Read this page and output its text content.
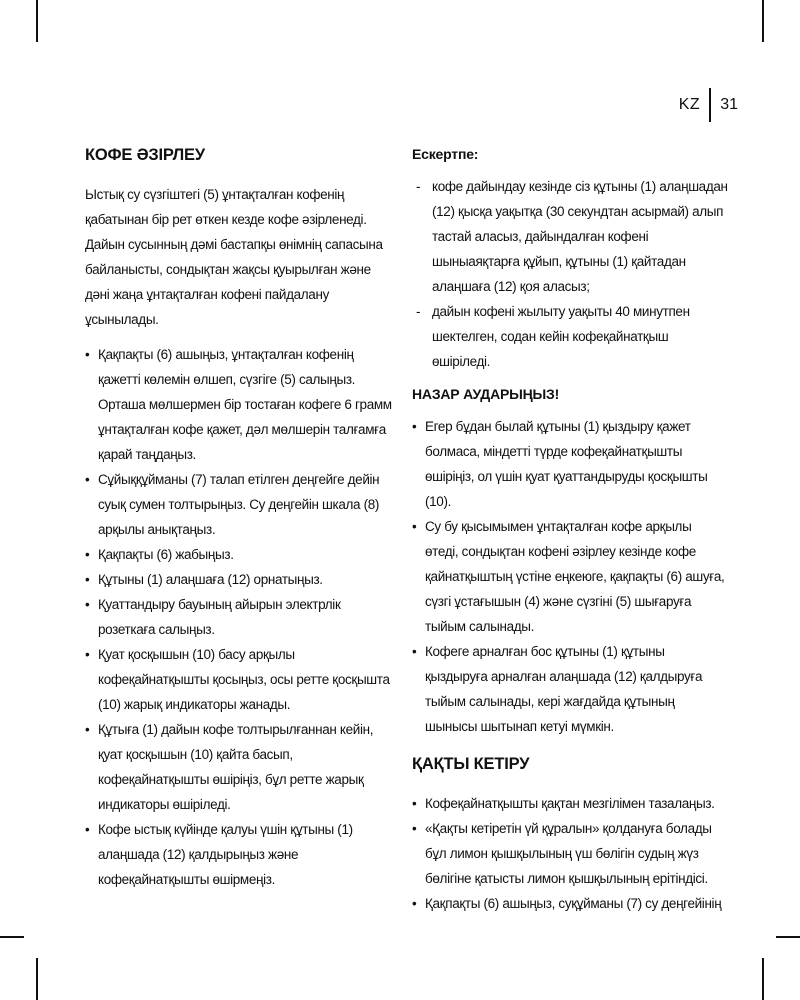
KZ 31
КОФЕ ӘЗІРЛЕУ

Ыстық су сүзгіштегі (5) ұнтақталған кофенің қабатынан бір рет өткен кезде кофе әзірленеді. Дайын сусынның дәмі бастапқы өнімнің сапасына байланысты, сондықтан жақсы қуырылған және дәні жаңа ұнтақталған кофені пайдалану ұсынылады.

• Қақпақты (6) ашыңыз, ұнтақталған кофенің қажетті көлемін өлшеп, сүзгіге (5) салыңыз. Орташа мөлшермен бір тостаған кофеге 6 грамм ұнтақталған кофе қажет, дәл мөлшерін талғамға қарай таңдаңыз.
• Сұйыққұйманы (7) талап етілген деңгейге дейін суық сумен толтырыңыз. Су деңгейін шкала (8) арқылы анықтаңыз.
• Қақпақты (6) жабыңыз.
• Құтыны (1) алаңшаға (12) орнатыңыз.
• Қуаттандыру бауының айырын электрлік розеткаға салыңыз.
• Қуат қосқышын (10) басу арқылы кофеқайнатқышты қосыңыз, осы ретте қосқышта (10) жарық индикаторы жанады.
• Құтыға (1) дайын кофе толтырылғаннан кейін, қуат қосқышын (10) қайта басып, кофеқайнатқышты өшіріңіз, бұл ретте жарық индикаторы өшіріледі.
• Кофе ыстық күйінде қалуы үшін құтыны (1) алаңшада (12) қалдырыңыз және кофеқайнатқышты өшірмеңіз.
Ескертпе:
- кофе дайындау кезінде сіз құтыны (1) алаңшадан (12) қысқа уақытқа (30 секундтан асырмай) алып тастай аласыз, дайындалған кофені шыныаяқтарға құйып, құтыны (1) қайтадан алаңшаға (12) қоя аласыз;
- дайын кофені жылыту уақыты 40 минутпен шектелген, содан кейін кофеқайнатқыш өшіріледі.
НАЗАР АУДАРЫҢЫЗ!
• Егер бұдан былай құтыны (1) қыздыру қажет болмаса, міндетті түрде кофеқайнатқышты өшіріңіз, ол үшін қуат қуаттандыруды қосқышты (10).
• Су бу қысымымен ұнтақталған кофе арқылы өтеді, сондықтан кофені әзірлеу кезінде кофе қайнатқыштың үстіне еңкеюге, қақпақты (6) ашуға, сүзгі ұстағышын (4) және сүзгіні (5) шығаруға тыйым салынады.
• Кофеге арналған бос құтыны (1) құтыны қыздыруға арналған алаңшада (12) қалдыруға тыйым салынады, кері жағдайда құтының шынысы шытынап кетуі мүмкін.
ҚАҚТЫ КЕТІРУ
• Кофеқайнатқышты қақтан мезгілімен тазалаңыз.
• «Қақты кетіретін үй құралын» қолдануға болады бұл лимон қышқылының үш бөлігін судың жүз бөлігіне қатысты лимон қышқылының ерітіндісі.
• Қақпақты (6) ашыңыз, суқұйманы (7) су деңгейінің
